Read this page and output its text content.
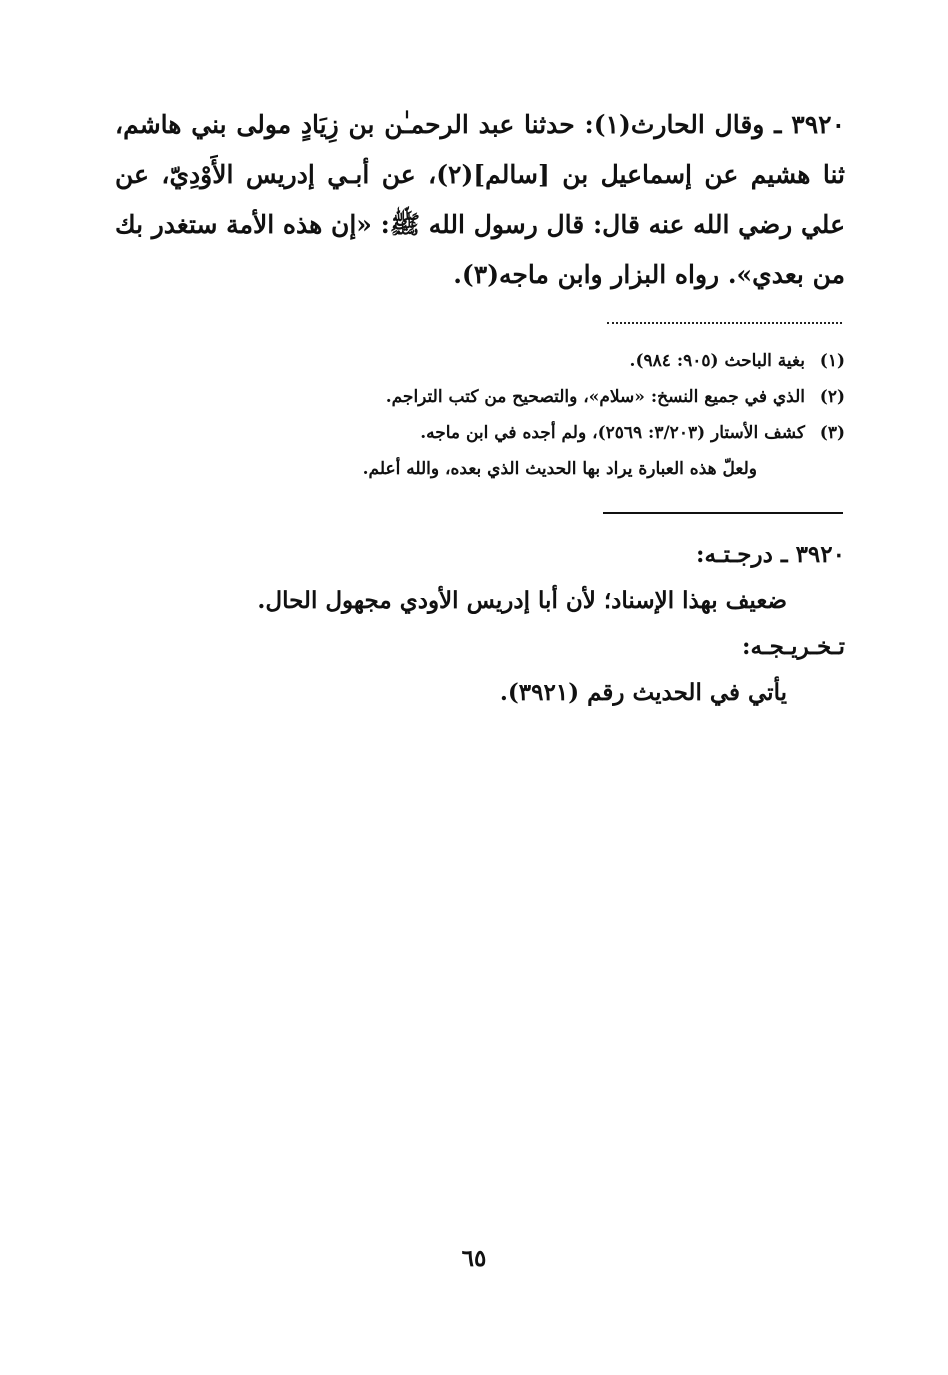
٣٩٢٠ ـ وقال الحارث(١): حدثنا عبد الرحمـٰن بن زِيَادٍ مولى بني هاشم، ثنا هشيم عن إسماعيل بن [سالم](٢)، عن أبـي إدريس الأَوْدِيّ، عن علي رضي الله عنه قال: قال رسول الله ﷺ: «إن هذه الأمة ستغدر بك من بعدي». رواه البزار وابن ماجه(٣).
(١)بغية الباحث (٩٠٥: ٩٨٤).
(٢)الذي في جميع النسخ: «سلام»، والتصحيح من كتب التراجم.
(٣)كشف الأستار (٣/٢٠٣: ٢٥٦٩)، ولم أجده في ابن ماجه.
ولعلّ هذه العبارة يراد بها الحديث الذي بعده، والله أعلم.
٣٩٢٠ ـ درجـتـه:
ضعيف بهذا الإسناد؛ لأن أبا إدريس الأودي مجهول الحال.
تـخـريـجـه:
يأتي في الحديث رقم (٣٩٢١).
٦٥
